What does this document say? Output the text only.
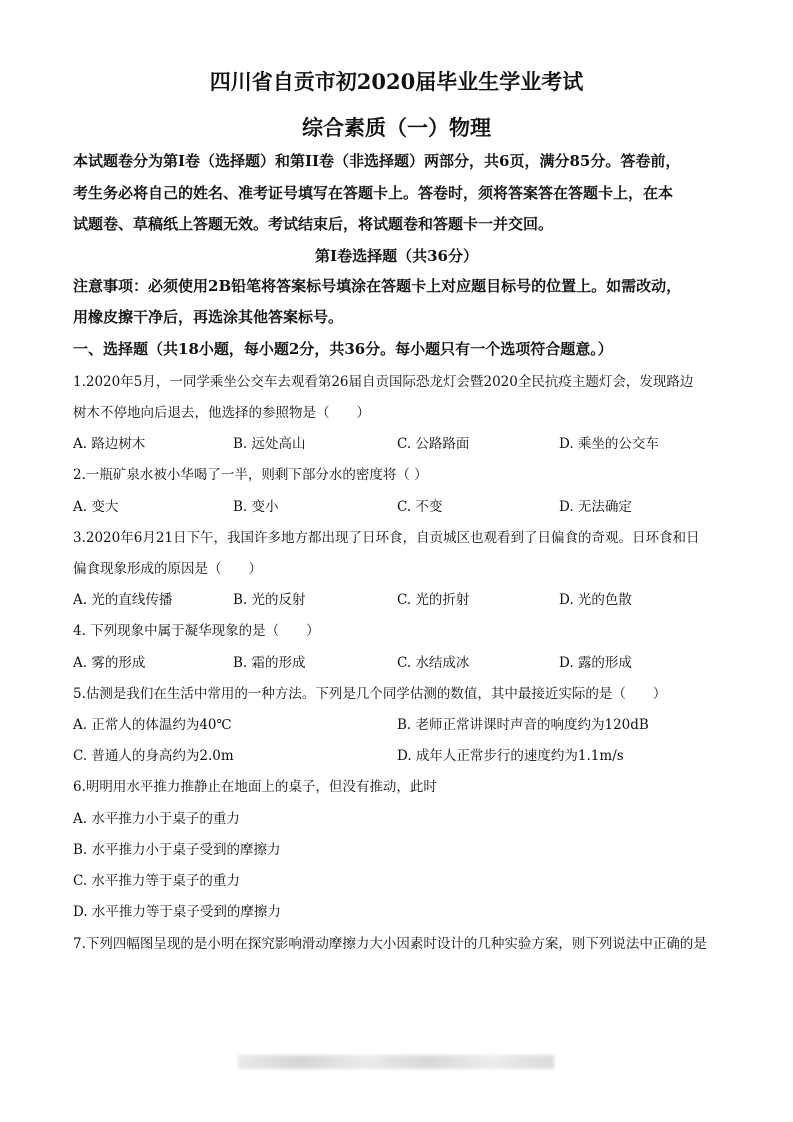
四川省自贡市初2020届毕业生学业考试
综合素质（一）物理
本试题卷分为第I卷（选择题）和第II卷（非选择题）两部分，共6页，满分85分。答卷前，
考生务必将自己的姓名、准考证号填写在答题卡上。答卷时，须将答案答在答题卡上，在本
试题卷、草稿纸上答题无效。考试结束后，将试题卷和答题卡一并交回。
第I卷选择题（共36分）
注意事项：必须使用2B铅笔将答案标号填涂在答题卡上对应题目标号的位置上。如需改动，
用橡皮擦干净后，再选涂其他答案标号。
一、选择题（共18小题，每小题2分，共36分。每小题只有一个选项符合题意。）
1.2020年5月，一同学乘坐公交车去观看第26届自贡国际恐龙灯会暨2020全民抗疫主题灯会，发现路边
树木不停地向后退去，他选择的参照物是（　　）
A. 路边树木	B. 远处高山	C. 公路路面	D. 乘坐的公交车
2.一瓶矿泉水被小华喝了一半，则剩下部分水的密度将（ ）
A. 变大	B. 变小	C. 不变	D. 无法确定
3.2020年6月21日下午，我国许多地方都出现了日环食，自贡城区也观看到了日偏食的奇观。日环食和日
偏食现象形成的原因是（　　）
A. 光的直线传播	B. 光的反射	C. 光的折射	D. 光的色散
4. 下列现象中属于凝华现象的是（　　）
A. 雾的形成	B. 霜的形成	C. 水结成冰	D. 露的形成
5.估测是我们在生活中常用的一种方法。下列是几个同学估测的数值，其中最接近实际的是（　　）
A. 正常人的体温约为40℃	B. 老师正常讲课时声音的响度约为120dB
C. 普通人的身高约为2.0m	D. 成年人正常步行的速度约为1.1m/s
6.明明用水平推力推静止在地面上的桌子，但没有推动，此时
A. 水平推力小于桌子的重力
B. 水平推力小于桌子受到的摩擦力
C. 水平推力等于桌子的重力
D. 水平推力等于桌子受到的摩擦力
7.下列四幅图呈现的是小明在探究影响滑动摩擦力大小因素时设计的几种实验方案，则下列说法中正确的是
